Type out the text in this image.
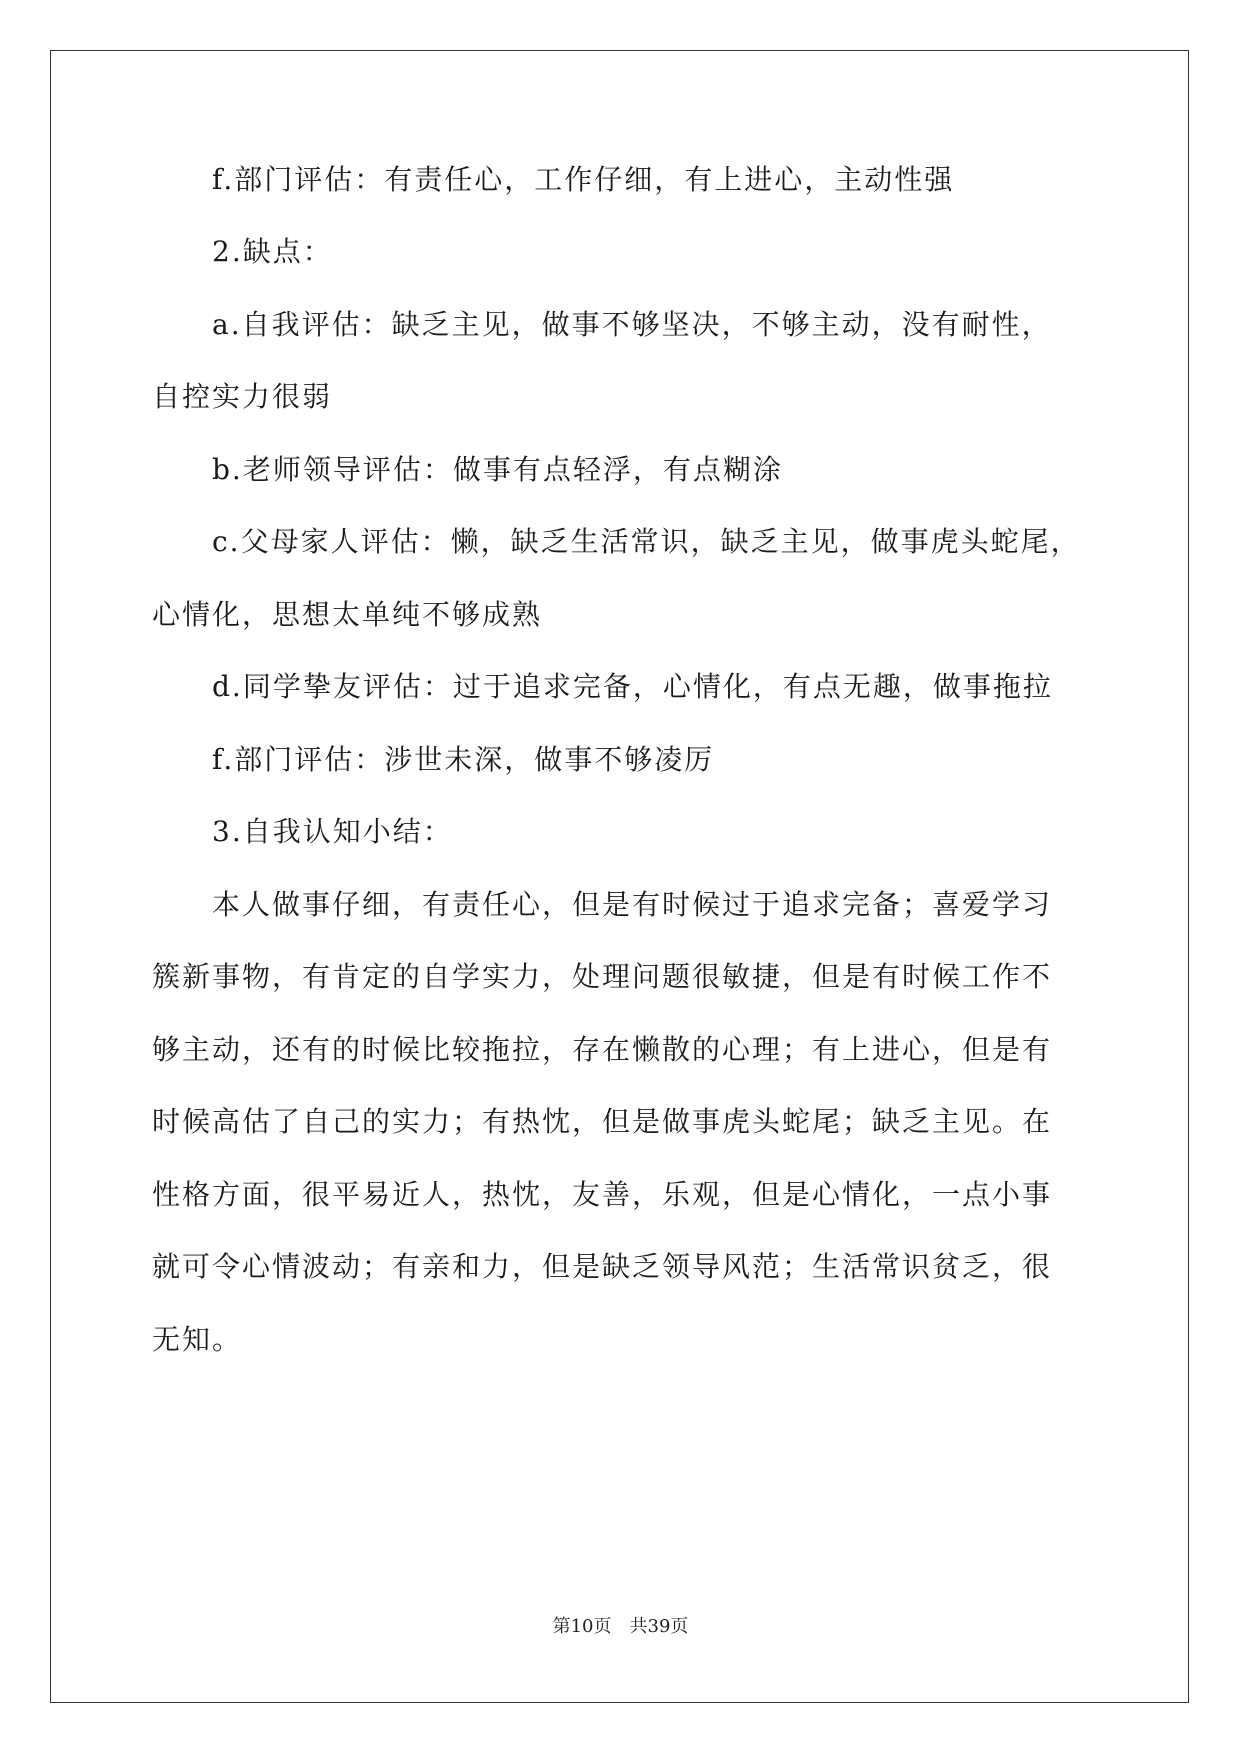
f.部门评估：有责任心，工作仔细，有上进心，主动性强
2.缺点：
a.自我评估：缺乏主见，做事不够坚决，不够主动，没有耐性，
自控实力很弱
b.老师领导评估：做事有点轻浮，有点糊涂
c.父母家人评估：懒，缺乏生活常识，缺乏主见，做事虎头蛇尾，
心情化，思想太单纯不够成熟
d.同学挚友评估：过于追求完备，心情化，有点无趣，做事拖拉
f.部门评估：涉世未深，做事不够凌厉
3.自我认知小结：
本人做事仔细，有责任心，但是有时候过于追求完备；喜爱学习
簇新事物，有肯定的自学实力，处理问题很敏捷，但是有时候工作不
够主动，还有的时候比较拖拉，存在懒散的心理；有上进心，但是有
时候高估了自己的实力；有热忱，但是做事虎头蛇尾；缺乏主见。在
性格方面，很平易近人，热忱，友善，乐观，但是心情化，一点小事
就可令心情波动；有亲和力，但是缺乏领导风范；生活常识贫乏，很
无知。
第10页　共39页
